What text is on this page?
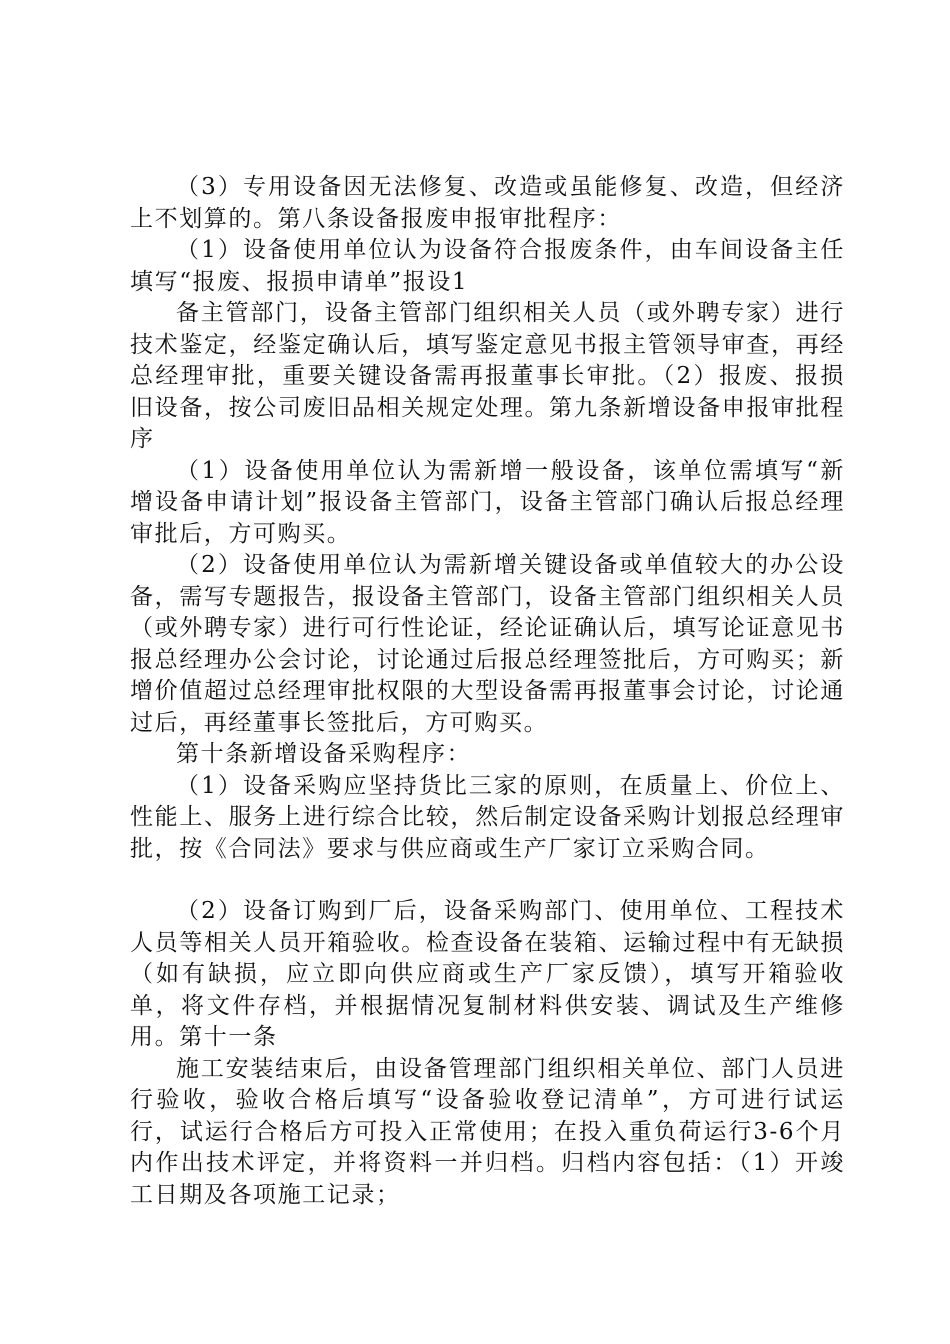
（3）专用设备因无法修复、改造或虽能修复、改造，但经济上不划算的。第八条设备报废申报审批程序：

（1）设备使用单位认为设备符合报废条件，由车间设备主任填写“报废、报损申请单”报设1

备主管部门，设备主管部门组织相关人员（或外聘专家）进行技术鉴定，经鉴定确认后，填写鉴定意见书报主管领导审查，再经总经理审批，重要关键设备需再报董事长审批。（2）报废、报损旧设备，按公司废旧品相关规定处理。第九条新增设备申报审批程序

（1）设备使用单位认为需新增一般设备，该单位需填写“新增设备申请计划”报设备主管部门，设备主管部门确认后报总经理审批后，方可购买。

（2）设备使用单位认为需新增关键设备或单值较大的办公设备，需写专题报告，报设备主管部门，设备主管部门组织相关人员（或外聘专家）进行可行性论证，经论证确认后，填写论证意见书报总经理办公会讨论，讨论通过后报总经理签批后，方可购买；新增价值超过总经理审批权限的大型设备需再报董事会讨论，讨论通过后，再经董事长签批后，方可购买。

第十条新增设备采购程序：

（1）设备采购应坚持货比三家的原则，在质量上、价位上、性能上、服务上进行综合比较，然后制定设备采购计划报总经理审批，按《合同法》要求与供应商或生产厂家订立采购合同。

（2）设备订购到厂后，设备采购部门、使用单位、工程技术人员等相关人员开箱验收。检查设备在装箱、运输过程中有无缺损（如有缺损，应立即向供应商或生产厂家反馈），填写开箱验收单，将文件存档，并根据情况复制材料供安装、调试及生产维修用。第十一条

施工安装结束后，由设备管理部门组织相关单位、部门人员进行验收，验收合格后填写“设备验收登记清单”，方可进行试运行，试运行合格后方可投入正常使用；在投入重负荷运行3-6个月内作出技术评定，并将资料一并归档。归档内容包括：（1）开竣工日期及各项施工记录；
